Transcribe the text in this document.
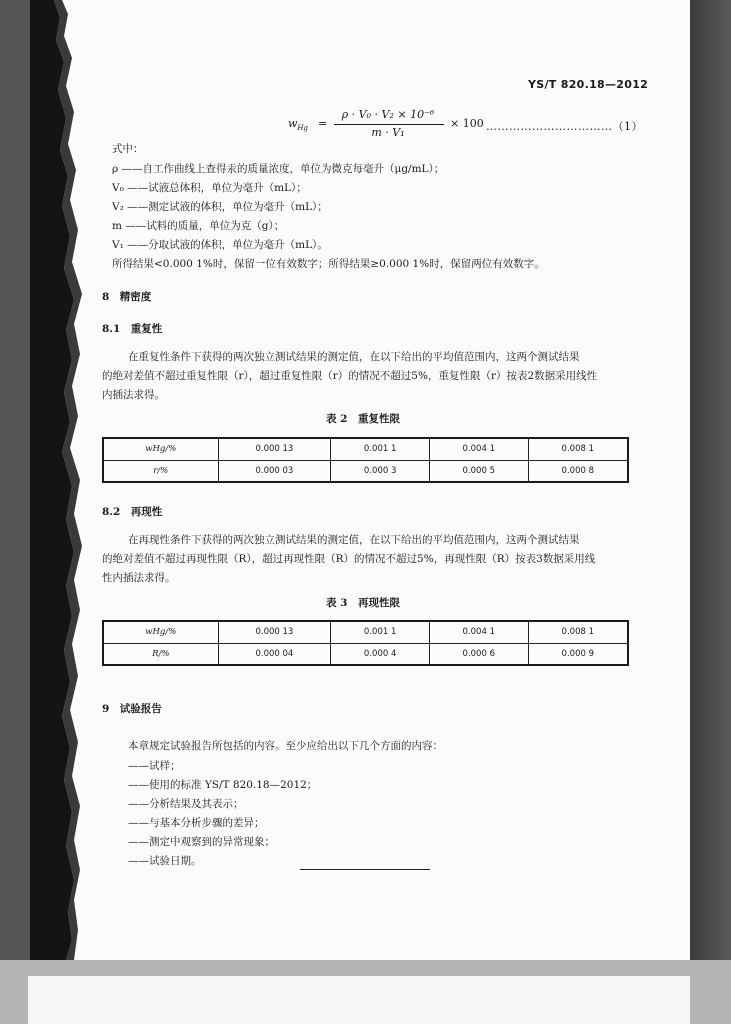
YS/T 820.18—2012
$w_{Hg}$ =
ρ · V₀ · V₂ × 10⁻⁶
m · V₁
× 100 ……………………………（1）
式中：
ρ ——自工作曲线上查得汞的质量浓度，单位为微克每毫升（μg/mL）；
V₀ ——试液总体积，单位为毫升（mL）；
V₂ ——测定试液的体积，单位为毫升（mL）；
m ——试料的质量，单位为克（g）；
V₁ ——分取试液的体积，单位为毫升（mL）。
所得结果<0.000 1%时，保留一位有效数字；所得结果≥0.000 1%时，保留两位有效数字。
8　精密度
8.1　重复性
在重复性条件下获得的两次独立测试结果的测定值，在以下给出的平均值范围内，这两个测试结果
的绝对差值不超过重复性限（r），超过重复性限（r）的情况不超过5%，重复性限（r）按表2数据采用线性
内插法求得。
表 2　重复性限
wHg/%	0.000 13	0.001 1	0.004 1	0.008 1
r/%	0.000 03	0.000 3	0.000 5	0.000 8
8.2　再现性
在再现性条件下获得的两次独立测试结果的测定值，在以下给出的平均值范围内，这两个测试结果
的绝对差值不超过再现性限（R），超过再现性限（R）的情况不超过5%，再现性限（R）按表3数据采用线
性内插法求得。
表 3　再现性限
wHg/%	0.000 13	0.001 1	0.004 1	0.008 1
R/%	0.000 04	0.000 4	0.000 6	0.000 9
9　试验报告
本章规定试验报告所包括的内容。至少应给出以下几个方面的内容：
——试样；
——使用的标准 YS/T 820.18—2012；
——分析结果及其表示；
——与基本分析步骤的差异；
——测定中观察到的异常现象；
——试验日期。
